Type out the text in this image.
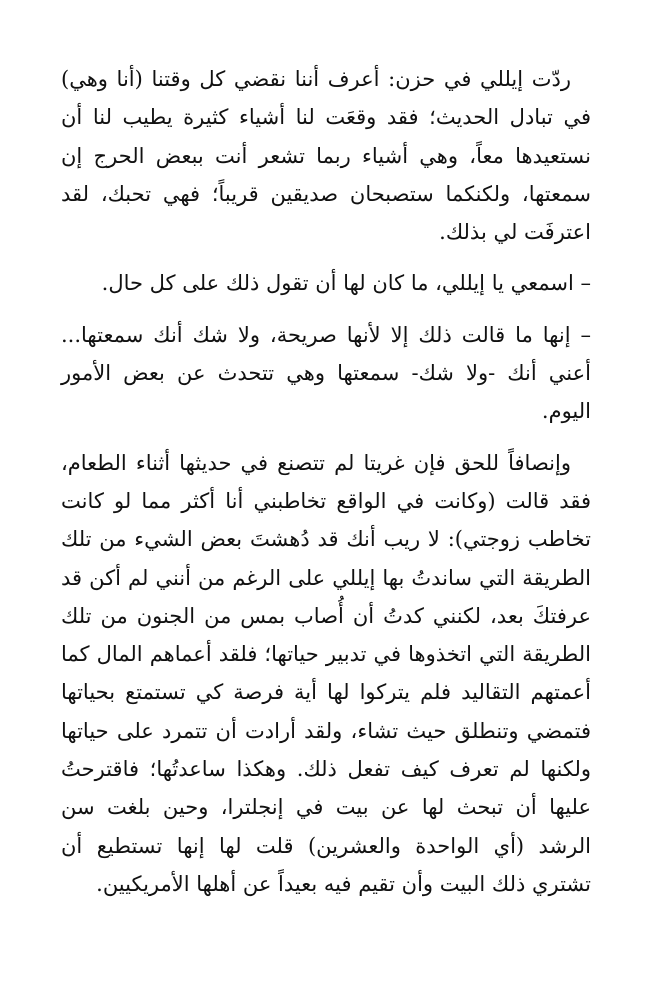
ردّت إيللي في حزن: أعرف أننا نقضي كل وقتنا (أنا وهي) في تبادل الحديث؛ فقد وقعَت لنا أشياء كثيرة يطيب لنا أن نستعيدها معاً، وهي أشياء ربما تشعر أنت ببعض الحرج إن سمعتها، ولكنكما ستصبحان صديقين قريباً؛ فهي تحبك، لقد اعترفَت لي بذلك.

– اسمعي يا إيللي، ما كان لها أن تقول ذلك على كل حال.

– إنها ما قالت ذلك إلا لأنها صريحة، ولا شك أنك سمعتها... أعني أنك -ولا شك- سمعتها وهي تتحدث عن بعض الأمور اليوم.

وإنصافاً للحق فإن غريتا لم تتصنع في حديثها أثناء الطعام، فقد قالت (وكانت في الواقع تخاطبني أنا أكثر مما لو كانت تخاطب زوجتي): لا ريب أنك قد دُهشتَ بعض الشيء من تلك الطريقة التي ساندتُ بها إيللي على الرغم من أنني لم أكن قد عرفتكَ بعد، لكنني كدتُ أن أُصاب بمس من الجنون من تلك الطريقة التي اتخذوها في تدبير حياتها؛ فلقد أعماهم المال كما أعمتهم التقاليد فلم يتركوا لها أية فرصة كي تستمتع بحياتها فتمضي وتنطلق حيث تشاء، ولقد أرادت أن تتمرد على حياتها ولكنها لم تعرف كيف تفعل ذلك. وهكذا ساعدتُها؛ فاقترحتُ عليها أن تبحث لها عن بيت في إنجلترا، وحين بلغت سن الرشد (أي الواحدة والعشرين) قلت لها إنها تستطيع أن تشتري ذلك البيت وأن تقيم فيه بعيداً عن أهلها الأمريكيين.
